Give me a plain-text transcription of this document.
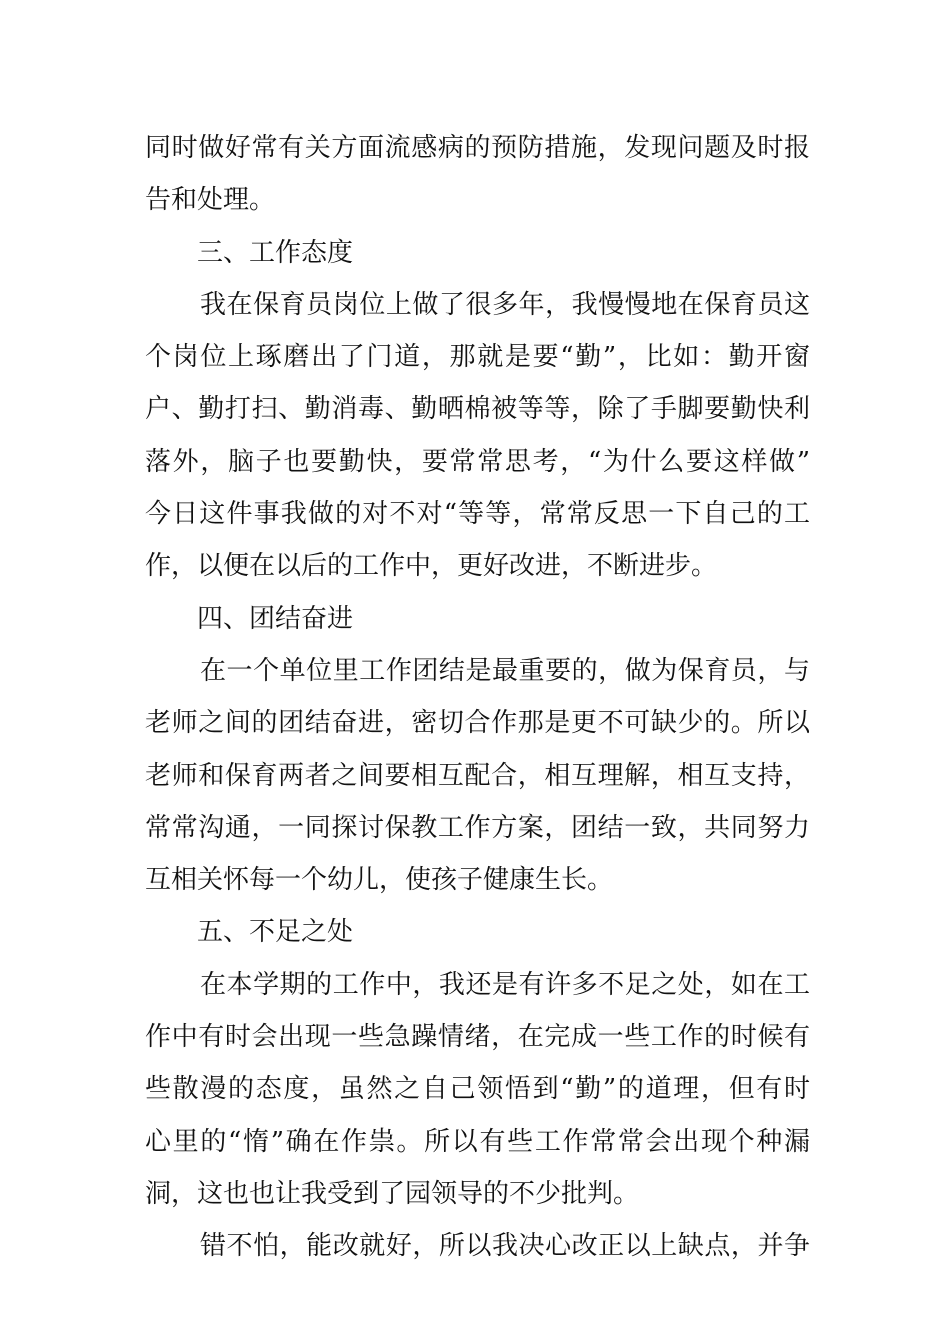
同时做好常有关方面流感病的预防措施，发现问题及时报
告和处理。
三、工作态度
我在保育员岗位上做了很多年，我慢慢地在保育员这
个岗位上琢磨出了门道，那就是要“勤”，比如：勤开窗
户、勤打扫、勤消毒、勤晒棉被等等，除了手脚要勤快利
落外，脑子也要勤快，要常常思考，“为什么要这样做”
今日这件事我做的对不对“等等，常常反思一下自己的工
作，以便在以后的工作中，更好改进，不断进步。
四、团结奋进
在一个单位里工作团结是最重要的，做为保育员，与
老师之间的团结奋进，密切合作那是更不可缺少的。所以
老师和保育两者之间要相互配合，相互理解，相互支持，
常常沟通，一同探讨保教工作方案，团结一致，共同努力
互相关怀每一个幼儿，使孩子健康生长。
五、不足之处
在本学期的工作中，我还是有许多不足之处，如在工
作中有时会出现一些急躁情绪，在完成一些工作的时候有
些散漫的态度，虽然之自己领悟到“勤”的道理，但有时
心里的“惰”确在作祟。所以有些工作常常会出现个种漏
洞，这也也让我受到了园领导的不少批判。
错不怕，能改就好，所以我决心改正以上缺点，并争
